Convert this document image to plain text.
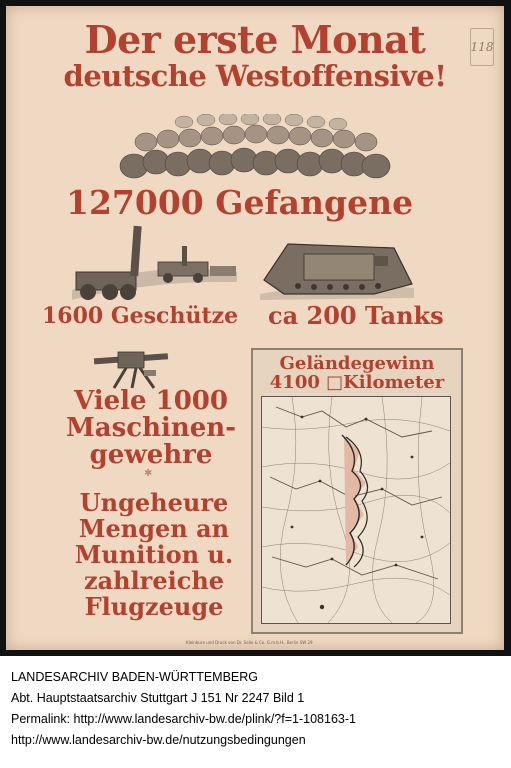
118
Der erste Monat
deutsche Westoffensive!
127000 Gefangene
1600 Geschütze ca 200 Tanks
Viele 1000
Maschinen-
gewehre
✱
Ungeheure
Mengen an
Munition u.
zahlreiche
Flugzeuge
Geländegewinn
4100 □Kilometer
Kleinbure und Druck von Dr. Selle & Co. G.m.b.H., Berlin SW 29
LANDESARCHIV BADEN-WÜRTTEMBERG
Abt. Hauptstaatsarchiv Stuttgart J 151 Nr 2247 Bild 1
Permalink: http://www.landesarchiv-bw.de/plink/?f=1-108163-1
http://www.landesarchiv-bw.de/nutzungsbedingungen
